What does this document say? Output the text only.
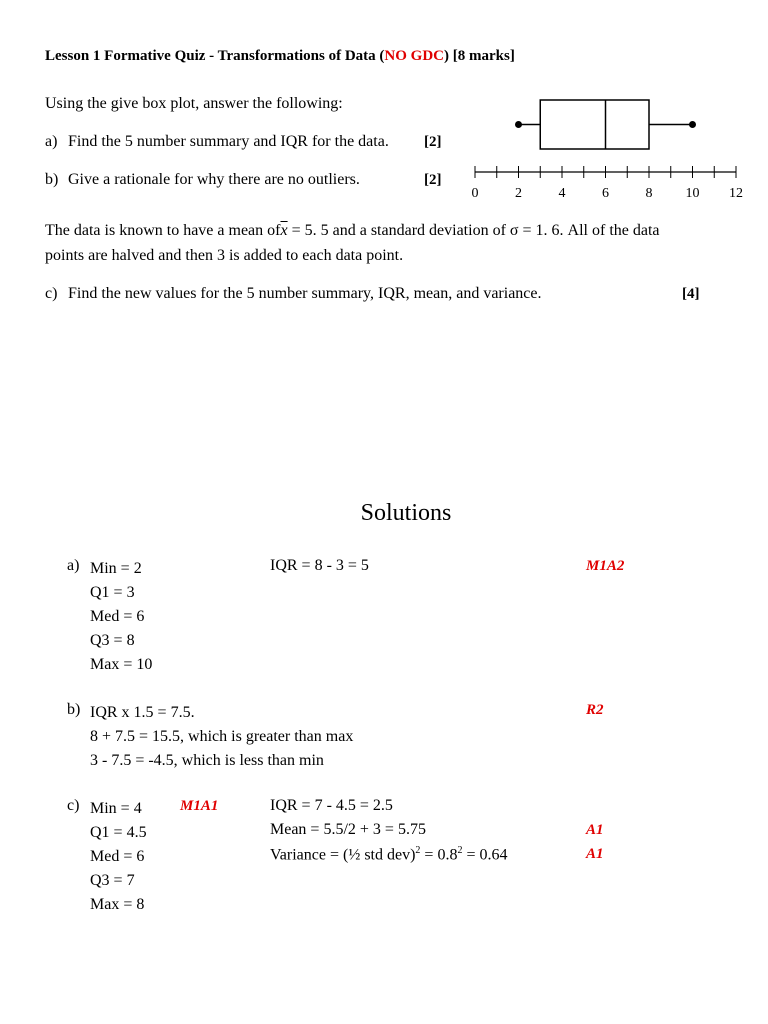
Lesson 1 Formative Quiz - Transformations of Data (NO GDC) [8 marks]
Using the give box plot, answer the following:
a) Find the 5 number summary and IQR for the data. [2]
b) Give a rationale for why there are no outliers.	[2]
0	2	4	6	8 10 12
The data is known to have a mean $of\overline{x} = 5$. 5 and a standard deviation of σ = 1. 6. All of the data
points are halved and then 3 is added to each data point.
c) Find the new values for the 5 number summary, IQR, mean, and variance.	[4]
Solutions
a) Min = 2
Q1 = 3
Med = 6
Q3 = 8
Max = 10
IQR = 8 - 3 = 5	M1A2
b) IQR x 1.5 = 7.5.
8 + 7.5 = 15.5, which is greater than max
3 - 7.5 = -4.5, which is less than min
R2
c) Min = 4
Q1 = 4.5
Med = 6
Q3 = 7
Max = 8
M1A1	IQR = 7 - 4.5 = 2.5
Mean = 5.5/2 + 3 = 5.75	A1
Variance = (½ std $dev)^2 = 0.8^2 = 0.64$	A1
